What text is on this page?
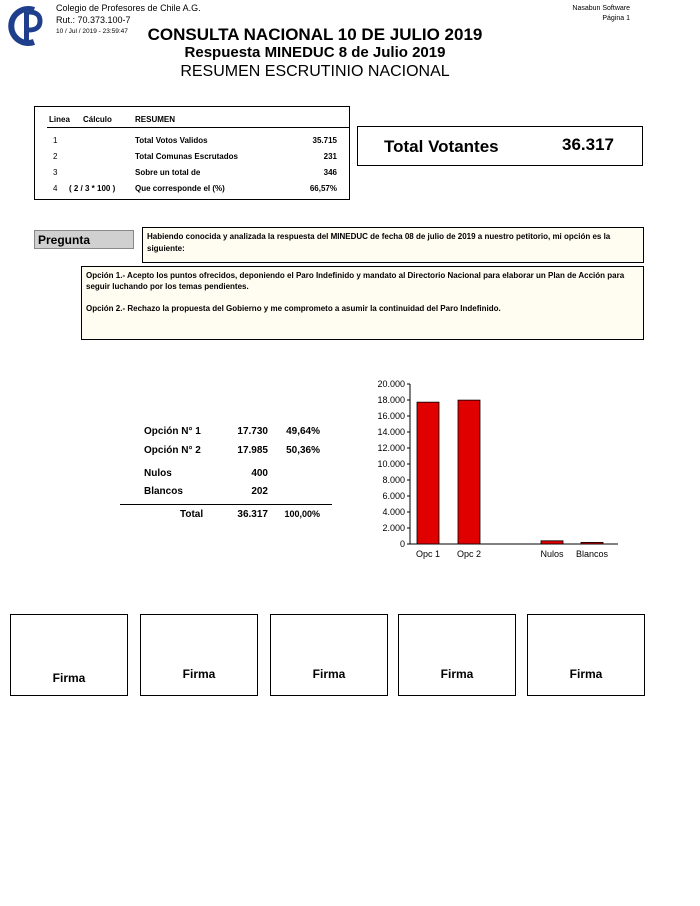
Colegio de Profesores de Chile A.G.
Rut.: 70.373.100-7
10 / Jul / 2019 - 23:59:47
Nasabun Software
Página 1
CONSULTA NACIONAL 10 DE JULIO 2019
Respuesta MINEDUC 8 de Julio 2019
RESUMEN ESCRUTINIO NACIONAL
Linea Cálculo	RESUMEN
1	Total Votos Validos	35.715
2	Total Comunas Escrutados	231
3	Sobre un total de	346
4 ( 2 / 3 * 100 ) Que corresponde el (%)	66,57%
Total Votantes	36.317
Pregunta	Habiendo conocida y analizada la respuesta del MINEDUC de fecha 08 de julio de 2019 a nuestro petitorio, mi opción es la siguiente:

Opción 1.- Acepto los puntos ofrecidos, deponiendo el Paro Indefinido y mandato al Directorio Nacional para elaborar un Plan de Acción para seguir luchando por los temas pendientes.

Opción 2.- Rechazo la propuesta del Gobierno y me comprometo a asumir la continuidad del Paro Indefinido.

Opción N° 1	17.730 49,64%
Opción N° 2	17.985 50,36%
Nulos	400
Blancos	202
Total	36.317 100,00%
0
2.000
4.000
6.000
8.000
10.000
12.000
14.000
16.000
18.000
20.000
Opc 1 Opc 2	Nulos Blancos
Firma	Firma	Firma	Firma	Firma
